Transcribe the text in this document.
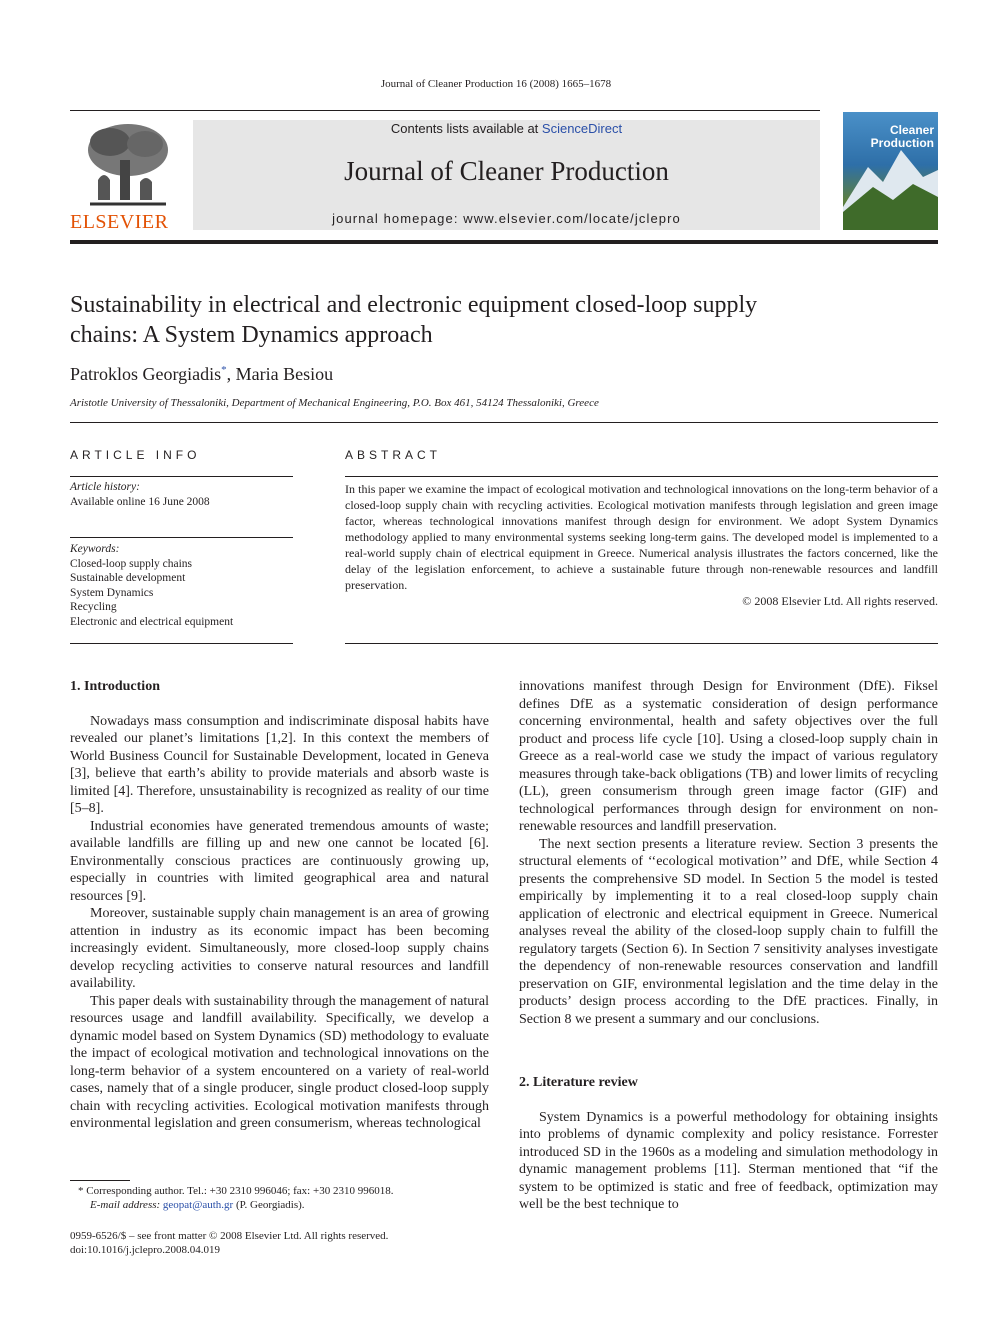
Journal of Cleaner Production 16 (2008) 1665–1678
ELSEVIER
Contents lists available at ScienceDirect
Journal of Cleaner Production
journal homepage: www.elsevier.com/locate/jclepro
Cleaner
Production
Sustainability in electrical and electronic equipment closed-loop supply
chains: A System Dynamics approach
Patroklos Georgiadis*, Maria Besiou
Aristotle University of Thessaloniki, Department of Mechanical Engineering, P.O. Box 461, 54124 Thessaloniki, Greece
ARTICLE INFO
Article history:
Available online 16 June 2008
Keywords:
Closed-loop supply chains
Sustainable development
System Dynamics
Recycling
Electronic and electrical equipment
ABSTRACT
In this paper we examine the impact of ecological motivation and technological innovations on the long-term behavior of a closed-loop supply chain with recycling activities. Ecological motivation manifests through legislation and green image factor, whereas technological innovations manifest through design for environment. We adopt System Dynamics methodology applied to many environmental systems seeking long-term gains. The developed model is implemented to a real-world supply chain of electrical equipment in Greece. Numerical analysis illustrates the factors concerned, like the delay of the legislation enforcement, to achieve a sustainable future through non-renewable resources and landfill preservation.
© 2008 Elsevier Ltd. All rights reserved.
1. Introduction

Nowadays mass consumption and indiscriminate disposal habits have revealed our planet’s limitations [1,2]. In this context the members of World Business Council for Sustainable Development, located in Geneva [3], believe that earth’s ability to provide materials and absorb waste is limited [4]. Therefore, unsustainability is recognized as reality of our time [5–8].

Industrial economies have generated tremendous amounts of waste; available landfills are filling up and new one cannot be located [6]. Environmentally conscious practices are continuously growing up, especially in countries with limited geographical area and natural resources [9].

Moreover, sustainable supply chain management is an area of growing attention in industry as its economic impact has been becoming increasingly evident. Simultaneously, more closed-loop supply chains develop recycling activities to conserve natural resources and landfill availability.

This paper deals with sustainability through the management of natural resources usage and landfill availability. Specifically, we develop a dynamic model based on System Dynamics (SD) methodology to evaluate the impact of ecological motivation and technological innovations on the long-term behavior of a system encountered on a variety of real-world cases, namely that of a single producer, single product closed-loop supply chain with recycling activities. Ecological motivation manifests through environmental legislation and green consumerism, whereas technological

innovations manifest through Design for Environment (DfE). Fiksel defines DfE as a systematic consideration of design performance concerning environmental, health and safety objectives over the full product and process life cycle [10]. Using a closed-loop supply chain in Greece as a real-world case we study the impact of various regulatory measures through take-back obligations (TB) and lower limits of recycling (LL), green consumerism through green image factor (GIF) and technological performances through design for environment on non-renewable resources and landfill preservation.

The next section presents a literature review. Section 3 presents the structural elements of ‘‘ecological motivation’’ and DfE, while Section 4 presents the comprehensive SD model. In Section 5 the model is tested empirically by implementing it to a real closed-loop supply chain application of electronic and electrical equipment in Greece. Numerical analyses reveal the ability of the closed-loop supply chain to fulfill the regulatory targets (Section 6). In Section 7 sensitivity analyses investigate the dependency of non-renewable resources conservation and landfill preservation on GIF, environmental legislation and the time delay in the products’ design process according to the DfE practices. Finally, in Section 8 we present a summary and our conclusions.

2. Literature review

System Dynamics is a powerful methodology for obtaining insights into problems of dynamic complexity and policy resistance. Forrester introduced SD in the 1960s as a modeling and simulation methodology in dynamic management problems [11]. Sterman mentioned that “if the system to be optimized is static and free of feedback, optimization may well be the best technique to

* Corresponding author. Tel.: +30 2310 996046; fax: +30 2310 996018.
E-mail address: geopat@auth.gr (P. Georgiadis).
0959-6526/$ – see front matter © 2008 Elsevier Ltd. All rights reserved.
doi:10.1016/j.jclepro.2008.04.019
